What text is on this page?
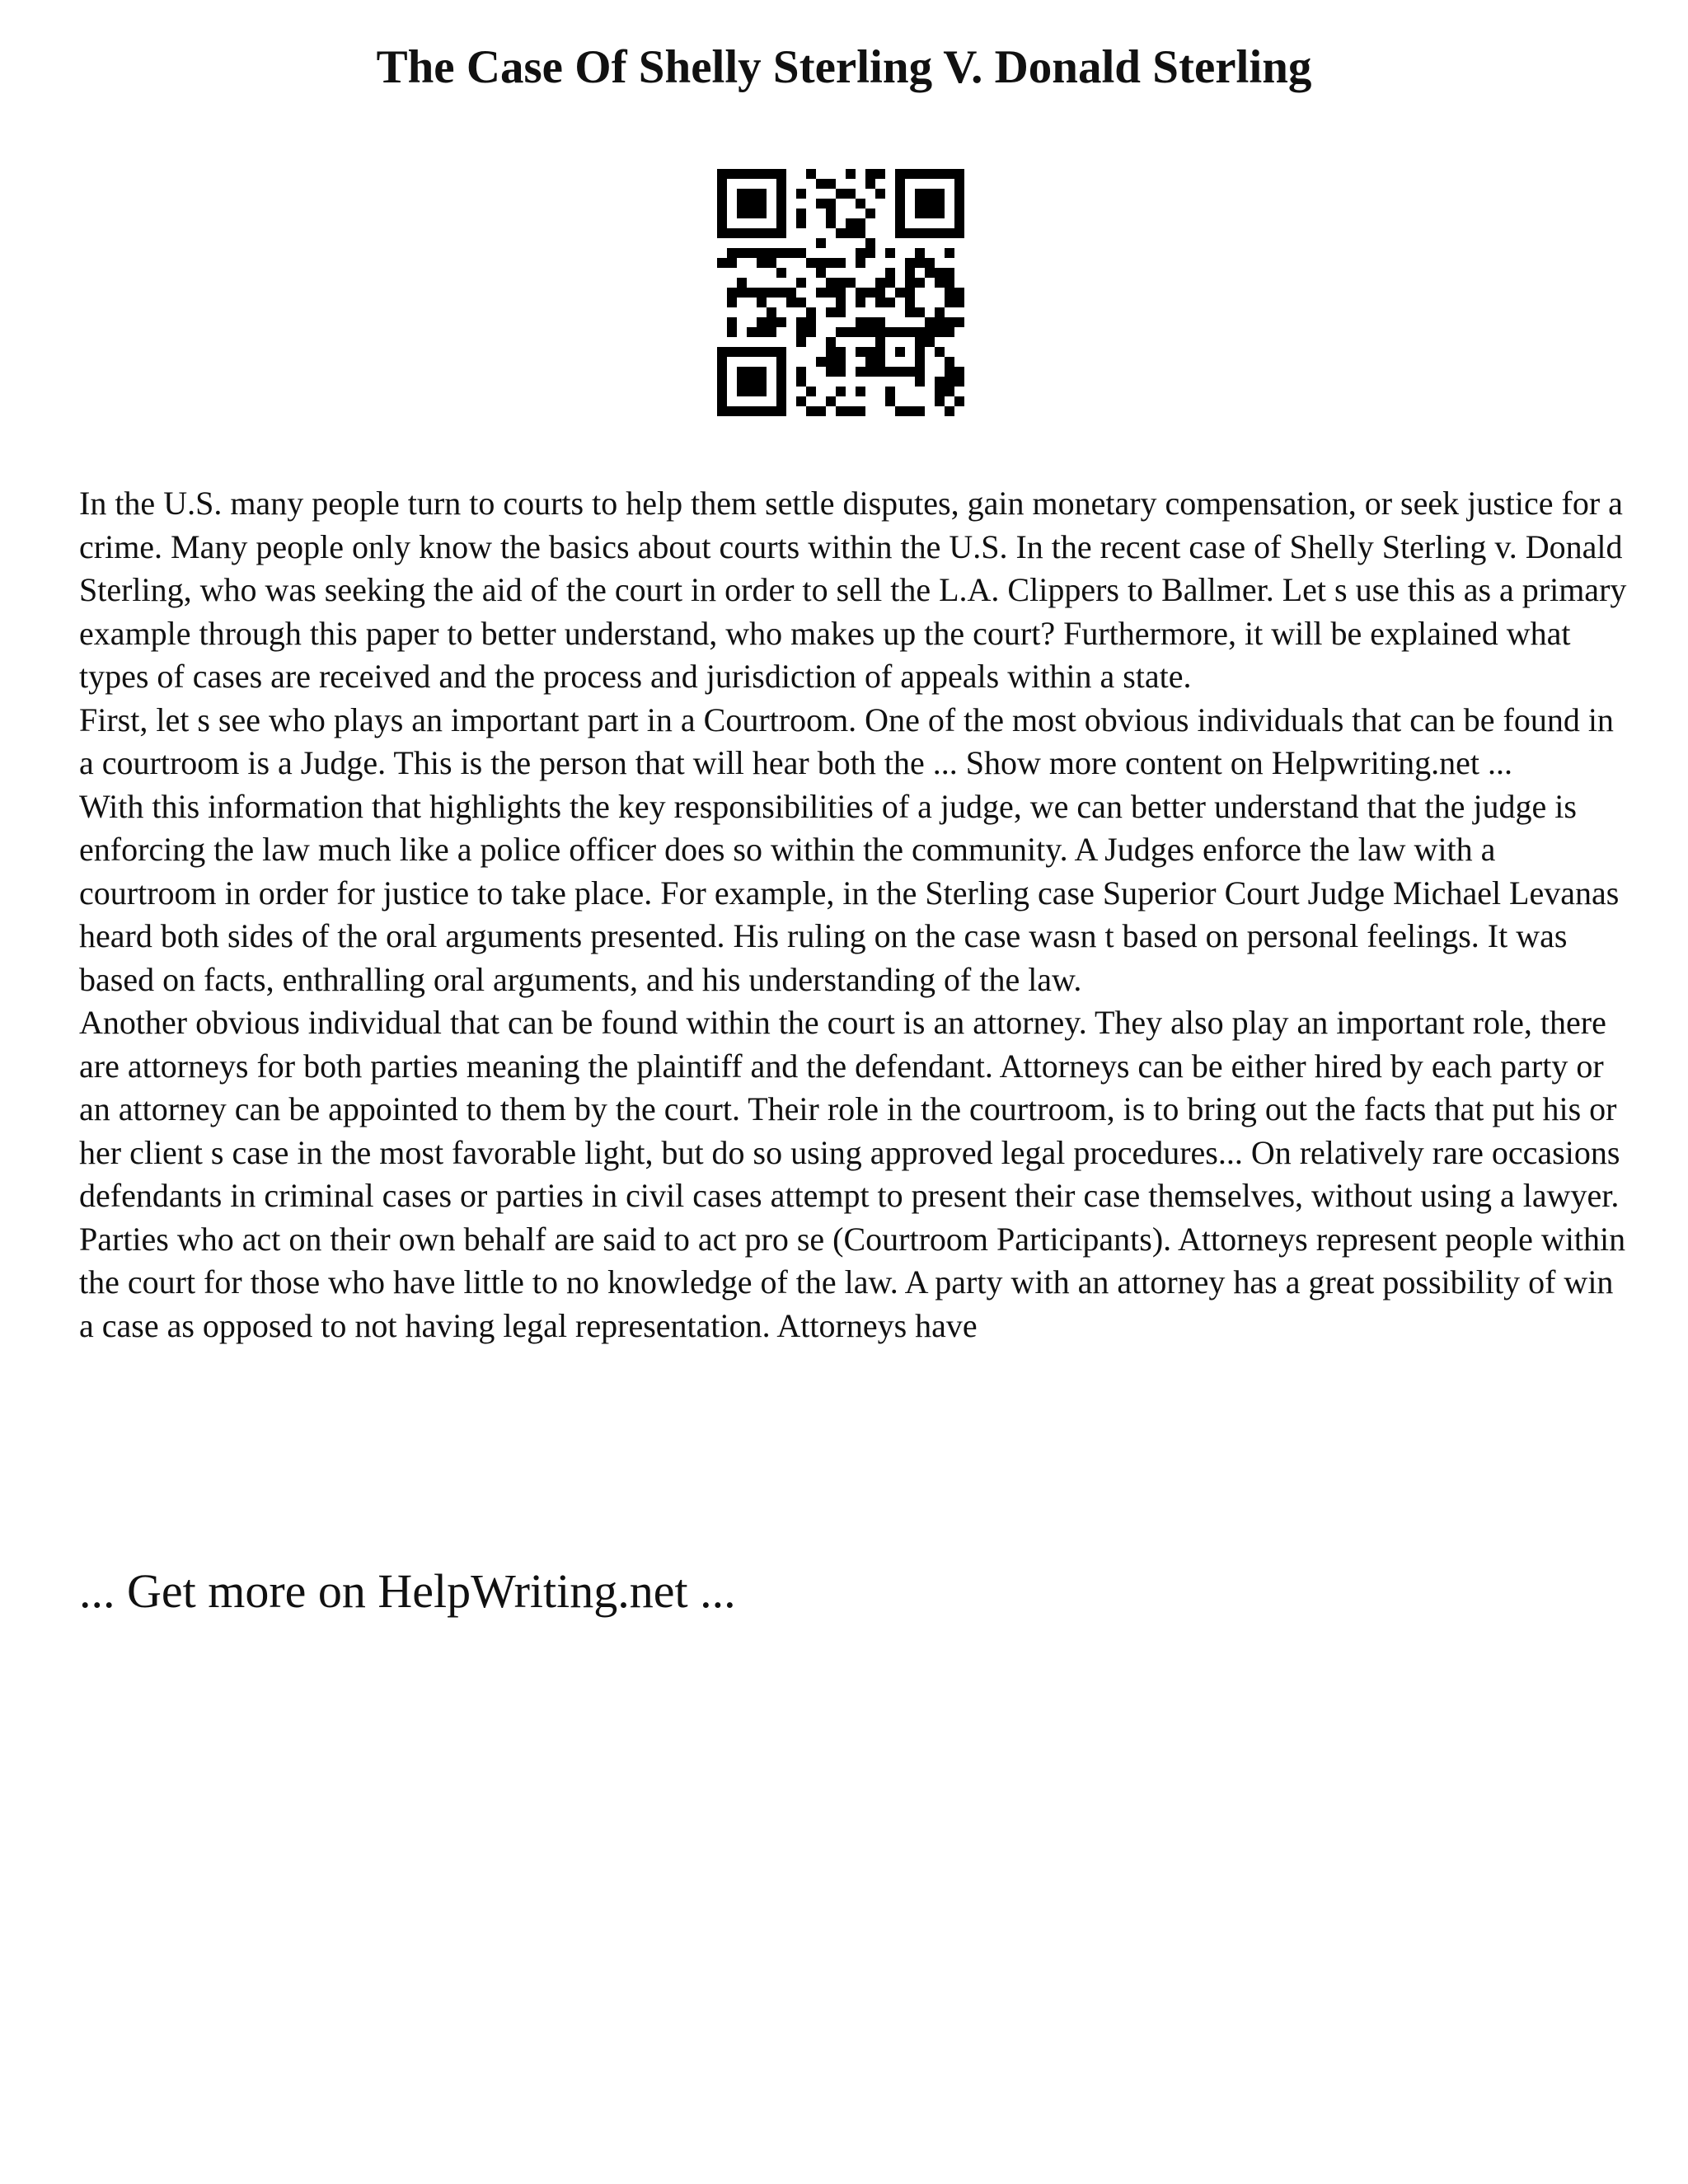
The Case Of Shelly Sterling V. Donald Sterling

In the U.S. many people turn to courts to help them settle disputes, gain monetary compensation, or seek justice for a crime. Many people only know the basics about courts within the U.S. In the recent case of Shelly Sterling v. Donald Sterling, who was seeking the aid of the court in order to sell the L.A. Clippers to Ballmer. Let s use this as a primary example through this paper to better understand, who makes up the court? Furthermore, it will be explained what types of cases are received and the process and jurisdiction of appeals within a state.

First, let s see who plays an important part in a Courtroom. One of the most obvious individuals that can be found in a courtroom is a Judge. This is the person that will hear both the ... Show more content on Helpwriting.net ...

With this information that highlights the key responsibilities of a judge, we can better understand that the judge is enforcing the law much like a police officer does so within the community. A Judges enforce the law with a courtroom in order for justice to take place. For example, in the Sterling case Superior Court Judge Michael Levanas heard both sides of the oral arguments presented. His ruling on the case wasn t based on personal feelings. It was based on facts, enthralling oral arguments, and his understanding of the law.

Another obvious individual that can be found within the court is an attorney. They also play an important role, there are attorneys for both parties meaning the plaintiff and the defendant. Attorneys can be either hired by each party or an attorney can be appointed to them by the court. Their role in the courtroom, is to bring out the facts that put his or her client s case in the most favorable light, but do so using approved legal procedures... On relatively rare occasions defendants in criminal cases or parties in civil cases attempt to present their case themselves, without using a lawyer. Parties who act on their own behalf are said to act pro se (Courtroom Participants). Attorneys represent people within the court for those who have little to no knowledge of the law. A party with an attorney has a great possibility of win a case as opposed to not having legal representation. Attorneys have

... Get more on HelpWriting.net ...
